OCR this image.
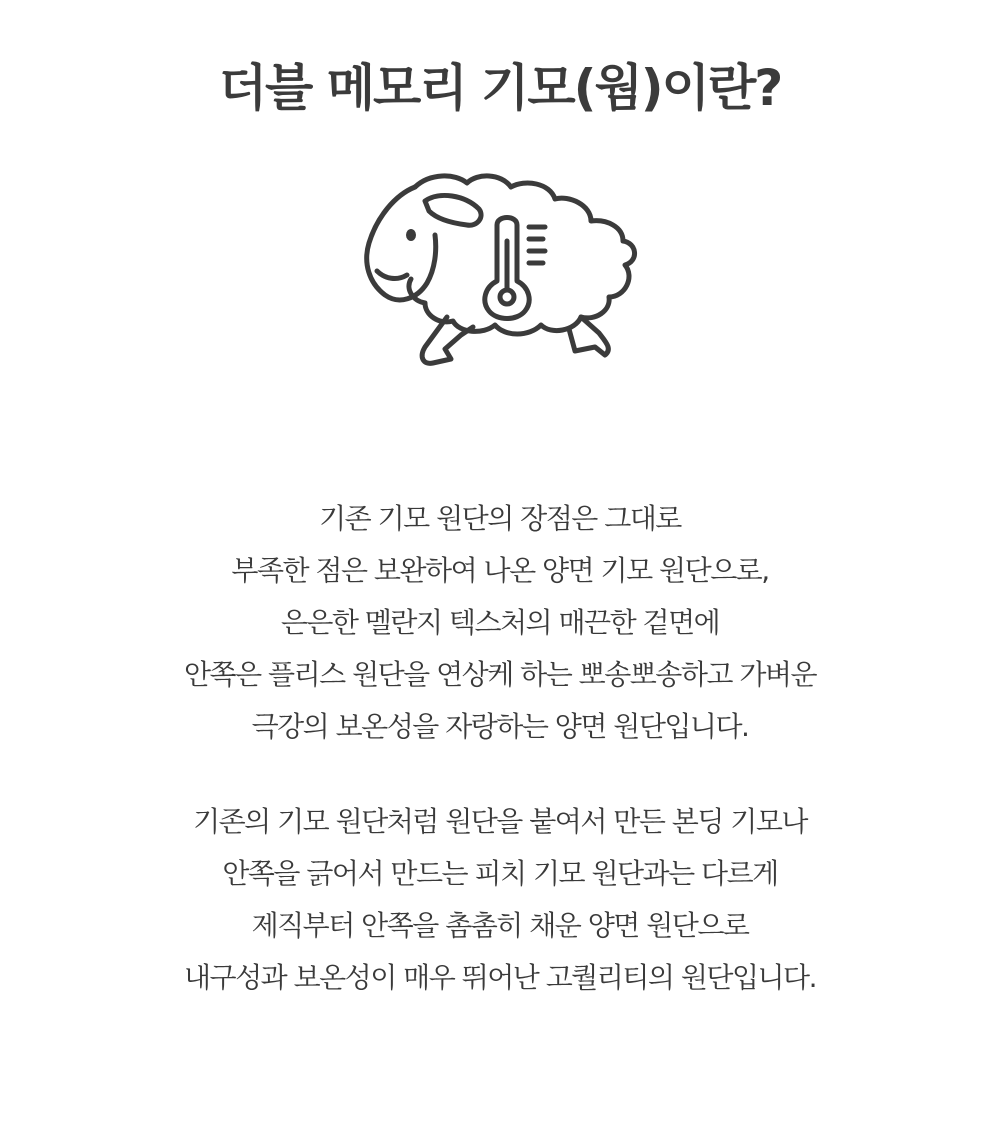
더블 메모리 기모(웜)이란?
기존 기모 원단의 장점은 그대로
부족한 점은 보완하여 나온 양면 기모 원단으로,
은은한 멜란지 텍스처의 매끈한 겉면에
안쪽은 플리스 원단을 연상케 하는 뽀송뽀송하고 가벼운
극강의 보온성을 자랑하는 양면 원단입니다.
기존의 기모 원단처럼 원단을 붙여서 만든 본딩 기모나
안쪽을 긁어서 만드는 피치 기모 원단과는 다르게
제직부터 안쪽을 촘촘히 채운 양면 원단으로
내구성과 보온성이 매우 뛰어난 고퀄리티의 원단입니다.
